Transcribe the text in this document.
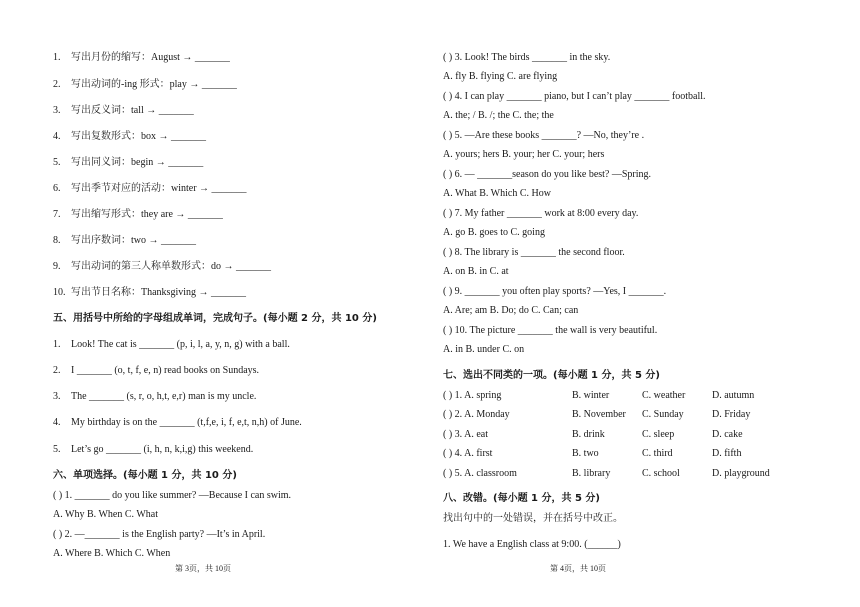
1. 写出月份的缩写：August → _______
2. 写出动词的-ing 形式：play → _______
3. 写出反义词：tall → _______
4. 写出复数形式：box → _______
5. 写出同义词：begin → _______
6. 写出季节对应的活动：winter → _______
7. 写出缩写形式：they are → _______
8. 写出序数词：two → _______
9. 写出动词的第三人称单数形式：do → _______
10. 写出节日名称：Thanksgiving → _______
五、用括号中所给的字母组成单词，完成句子。(每小题 2 分，共 10 分)
1. Look! The cat is _______ (p, i, l, a, y, n, g) with a ball.
2. I _______ (o, t, f, e, n) read books on Sundays.
3. The _______ (s, r, o, h,t, e,r) man is my uncle.
4. My birthday is on the _______ (t,f,e, i, f, e,t, n,h) of June.
5. Let’s go _______ (i, h, n, k,i,g) this weekend.
六、单项选择。(每小题 1 分，共 10 分)
( ) 1. _______ do you like summer? —Because I can swim.
A. Why B. When C. What
( ) 2. —_______ is the English party? —It’s in April.
A. Where B. Which C. When
第 3页，共 10页
( ) 3. Look! The birds _______ in the sky.
A. fly B. flying C. are flying
( ) 4. I can play _______ piano, but I can’t play _______ football.
A. the; / B. /; the C. the; the
( ) 5. —Are these books _______? —No, they’re .
A. yours; hers B. your; her C. your; hers
( ) 6. — _______season do you like best? —Spring.
A. What B. Which C. How
( ) 7. My father _______ work at 8:00 every day.
A. go B. goes to C. going
( ) 8. The library is _______ the second floor.
A. on B. in C. at
( ) 9. _______ you often play sports? —Yes, I _______.
A. Are; am B. Do; do C. Can; can
( ) 10. The picture _______ the wall is very beautiful.
A. in B. under C. on
七、选出不同类的一项。(每小题 1 分，共 5 分)
( ) 1. A. spring	B. winter	C. weather	D. autumn
( ) 2. A. Monday	B. November C. Sunday	D. Friday
( ) 3. A. eat	B. drink	C. sleep	D. cake
( ) 4. A. first	B. two	C. third	D. fifth
( ) 5. A. classroom	B. library	C. school	D. playground
八、改错。(每小题 1 分，共 5 分)
找出句中的一处错误，并在括号中改正。
1. We have a English class at 9:00. (______)
第 4页，共 10页
